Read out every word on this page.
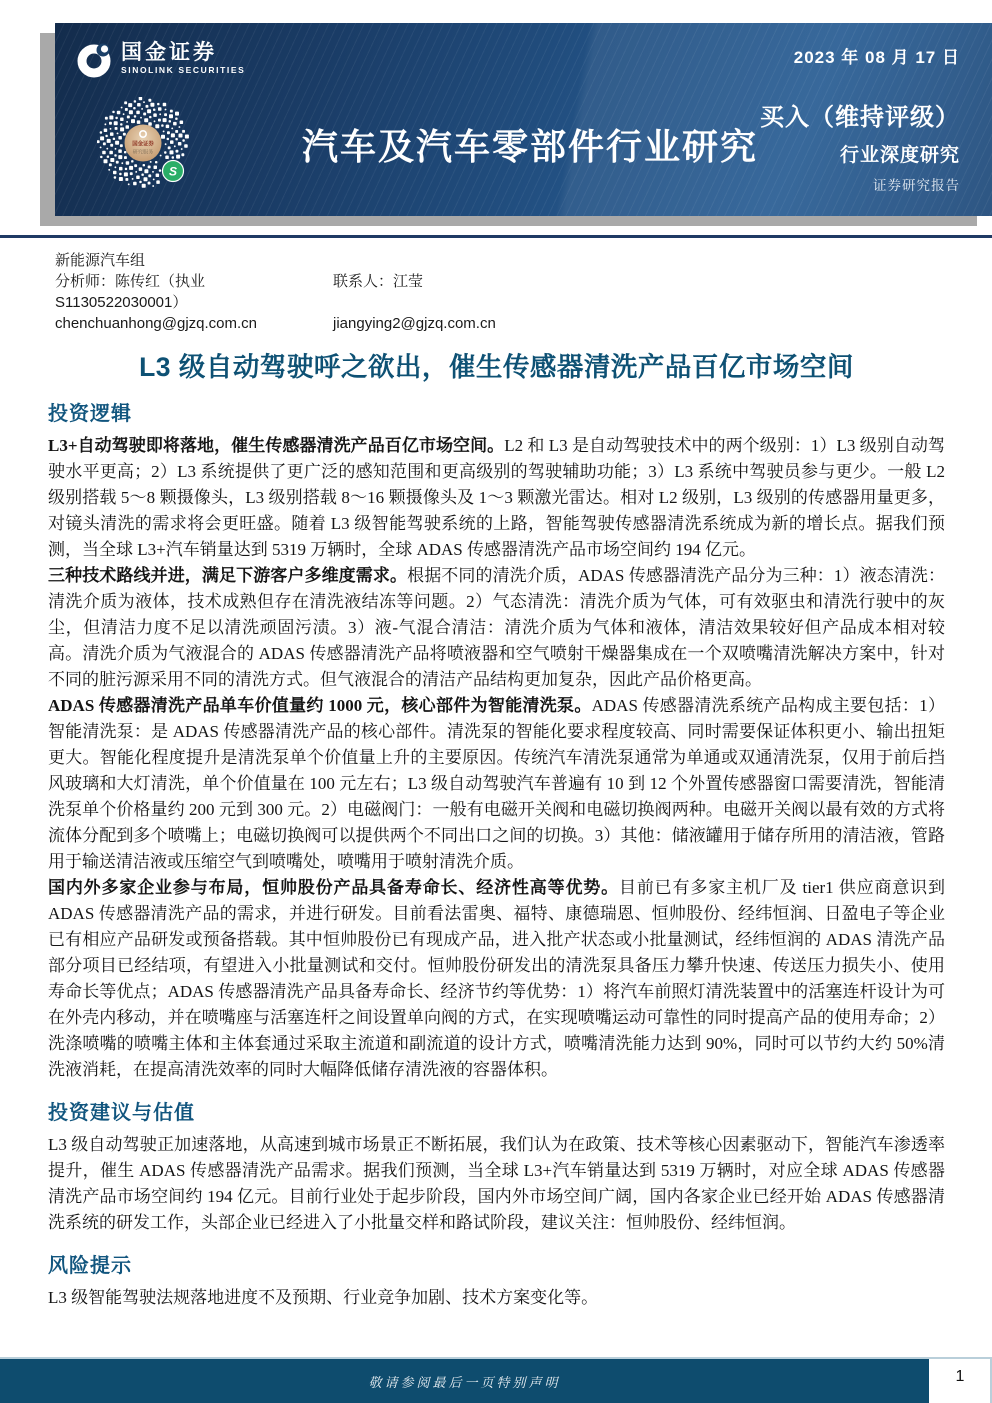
国金证券
SINOLINK SECURITIES
国金证券
研究服务
S
汽车及汽车零部件行业研究
2023 年 08 月 17 日
买入（维持评级）
行业深度研究
证券研究报告
新能源汽车组
分析师：陈传红（执业 S1130522030001）
联系人：江莹
chenchuanhong@gjzq.com.cn	jiangying2@gjzq.com.cn
L3 级自动驾驶呼之欲出，催生传感器清洗产品百亿市场空间
投资逻辑

L3+自动驾驶即将落地，催生传感器清洗产品百亿市场空间。L2 和 L3 是自动驾驶技术中的两个级别：1）L3 级别自动驾驶水平更高；2）L3 系统提供了更广泛的感知范围和更高级别的驾驶辅助功能；3）L3 系统中驾驶员参与更少。一般 L2 级别搭载 5～8 颗摄像头，L3 级别搭载 8～16 颗摄像头及 1～3 颗激光雷达。相对 L2 级别，L3 级别的传感器用量更多，对镜头清洗的需求将会更旺盛。随着 L3 级智能驾驶系统的上路，智能驾驶传感器清洗系统成为新的增长点。据我们预测，当全球 L3+汽车销量达到 5319 万辆时，全球 ADAS 传感器清洗产品市场空间约 194 亿元。

三种技术路线并进，满足下游客户多维度需求。根据不同的清洗介质，ADAS 传感器清洗产品分为三种：1）液态清洗：清洗介质为液体，技术成熟但存在清洗液结冻等问题。2）气态清洗：清洗介质为气体，可有效驱虫和清洗行驶中的灰尘，但清洁力度不足以清洗顽固污渍。3）液-气混合清洁：清洗介质为气体和液体，清洁效果较好但产品成本相对较高。清洗介质为气液混合的 ADAS 传感器清洗产品将喷液器和空气喷射干燥器集成在一个双喷嘴清洗解决方案中，针对不同的脏污源采用不同的清洗方式。但气液混合的清洁产品结构更加复杂，因此产品价格更高。

ADAS 传感器清洗产品单车价值量约 1000 元，核心部件为智能清洗泵。ADAS 传感器清洗系统产品构成主要包括：1）智能清洗泵：是 ADAS 传感器清洗产品的核心部件。清洗泵的智能化要求程度较高、同时需要保证体积更小、输出扭矩更大。智能化程度提升是清洗泵单个价值量上升的主要原因。传统汽车清洗泵通常为单通或双通清洗泵，仅用于前后挡风玻璃和大灯清洗，单个价值量在 100 元左右；L3 级自动驾驶汽车普遍有 10 到 12 个外置传感器窗口需要清洗，智能清洗泵单个价格量约 200 元到 300 元。2）电磁阀门：一般有电磁开关阀和电磁切换阀两种。电磁开关阀以最有效的方式将流体分配到多个喷嘴上；电磁切换阀可以提供两个不同出口之间的切换。3）其他：储液罐用于储存所用的清洁液，管路用于输送清洁液或压缩空气到喷嘴处，喷嘴用于喷射清洗介质。

国内外多家企业参与布局，恒帅股份产品具备寿命长、经济性高等优势。目前已有多家主机厂及 tier1 供应商意识到 ADAS 传感器清洗产品的需求，并进行研发。目前看法雷奥、福特、康德瑞恩、恒帅股份、经纬恒润、日盈电子等企业已有相应产品研发或预备搭载。其中恒帅股份已有现成产品，进入批产状态或小批量测试，经纬恒润的 ADAS 清洗产品部分项目已经结项，有望进入小批量测试和交付。恒帅股份研发出的清洗泵具备压力攀升快速、传送压力损失小、使用寿命长等优点；ADAS 传感器清洗产品具备寿命长、经济节约等优势：1）将汽车前照灯清洗装置中的活塞连杆设计为可在外壳内移动，并在喷嘴座与活塞连杆之间设置单向阀的方式，在实现喷嘴运动可靠性的同时提高产品的使用寿命；2）洗涤喷嘴的喷嘴主体和主体套通过采取主流道和副流道的设计方式，喷嘴清洗能力达到 90%，同时可以节约大约 50%清洗液消耗，在提高清洗效率的同时大幅降低储存清洗液的容器体积。

投资建议与估值

L3 级自动驾驶正加速落地，从高速到城市场景正不断拓展，我们认为在政策、技术等核心因素驱动下，智能汽车渗透率提升，催生 ADAS 传感器清洗产品需求。据我们预测，当全球 L3+汽车销量达到 5319 万辆时，对应全球 ADAS 传感器清洗产品市场空间约 194 亿元。目前行业处于起步阶段，国内外市场空间广阔，国内各家企业已经开始 ADAS 传感器清洗系统的研发工作，头部企业已经进入了小批量交样和路试阶段，建议关注：恒帅股份、经纬恒润。

风险提示

L3 级智能驾驶法规落地进度不及预期、行业竞争加剧、技术方案变化等。

敬请参阅最后一页特别声明	1
